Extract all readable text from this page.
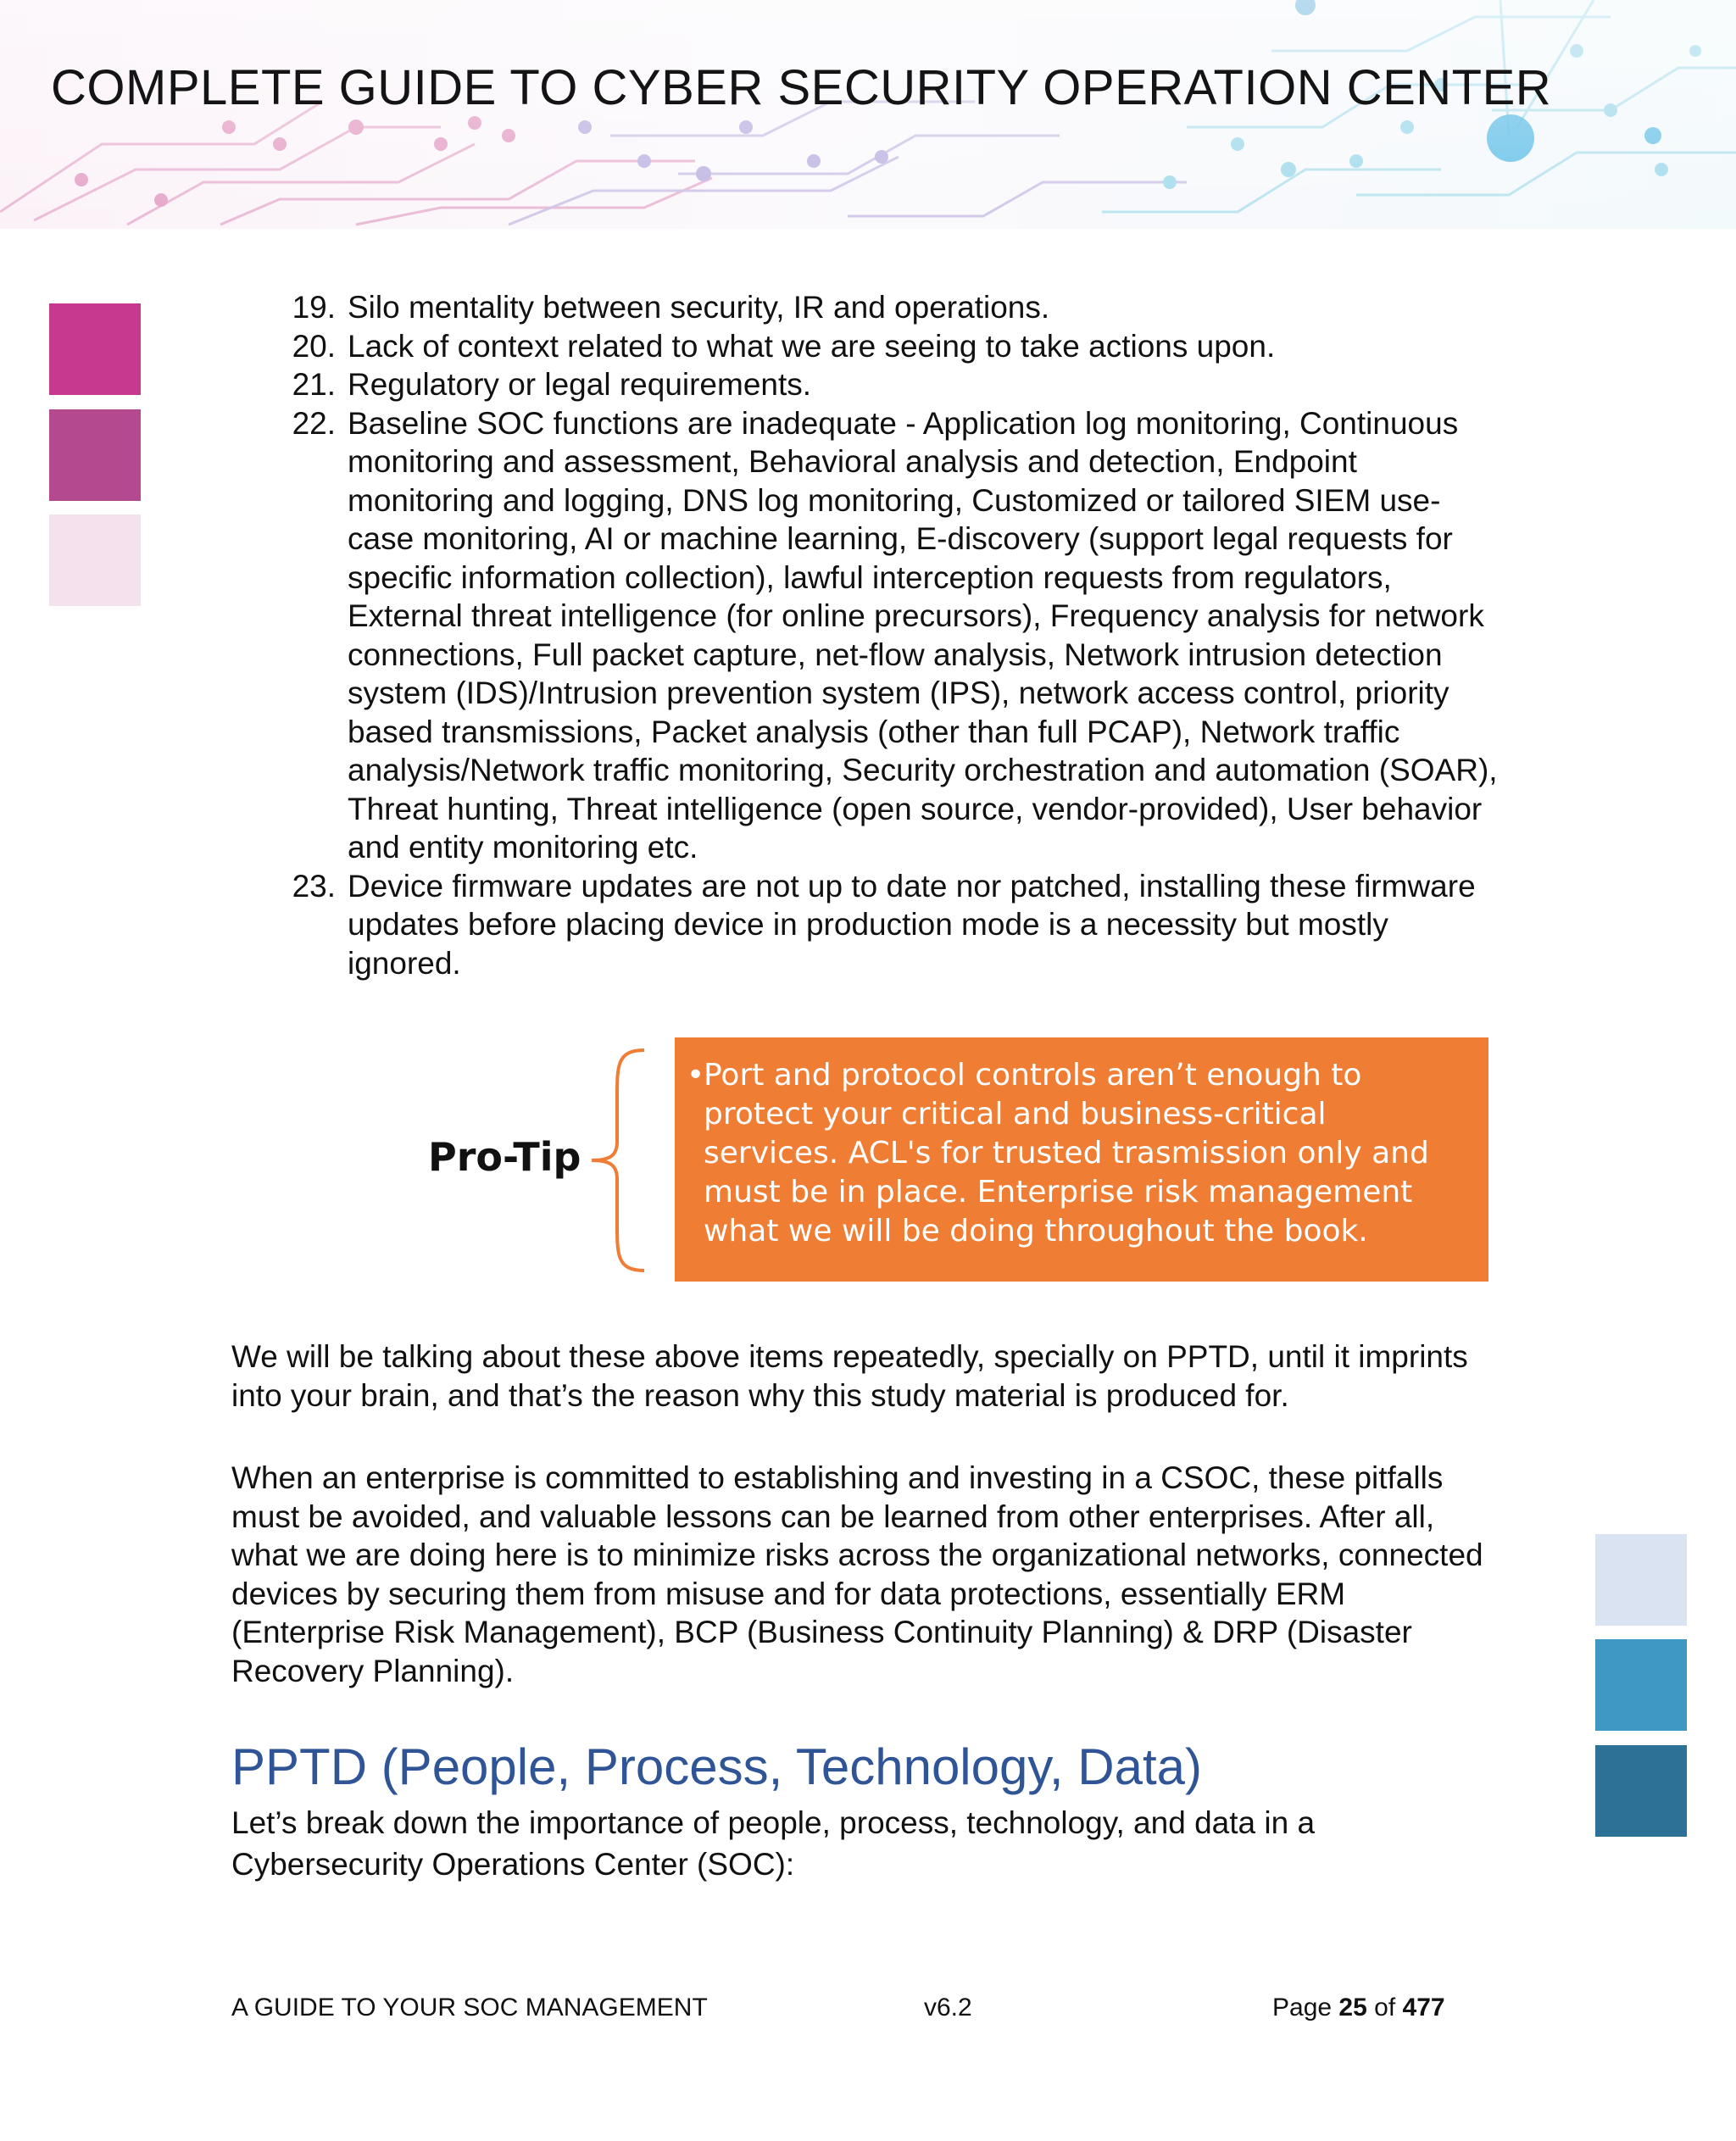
COMPLETE GUIDE TO CYBER SECURITY OPERATION CENTER
19. Silo mentality between security, IR and operations.
20. Lack of context related to what we are seeing to take actions upon.
21. Regulatory or legal requirements.
22. Baseline SOC functions are inadequate - Application log monitoring, Continuous monitoring and assessment, Behavioral analysis and detection, Endpoint monitoring and logging, DNS log monitoring, Customized or tailored SIEM use-case monitoring, AI or machine learning, E-discovery (support legal requests for specific information collection), lawful interception requests from regulators, External threat intelligence (for online precursors), Frequency analysis for network connections, Full packet capture, net-flow analysis, Network intrusion detection system (IDS)/Intrusion prevention system (IPS), network access control, priority based transmissions, Packet analysis (other than full PCAP), Network traffic analysis/Network traffic monitoring, Security orchestration and automation (SOAR), Threat hunting, Threat intelligence (open source, vendor-provided), User behavior and entity monitoring etc.
23. Device firmware updates are not up to date nor patched, installing these firmware updates before placing device in production mode is a necessity but mostly ignored.
Pro-Tip
•
Port and protocol controls aren’t enough to protect your critical and business-critical services. ACL's for trusted trasmission only and must be in place. Enterprise risk management what we will be doing throughout the book.

We will be talking about these above items repeatedly, specially on PPTD, until it imprints into your brain, and that’s the reason why this study material is produced for.

When an enterprise is committed to establishing and investing in a CSOC, these pitfalls must be avoided, and valuable lessons can be learned from other enterprises. After all, what we are doing here is to minimize risks across the organizational networks, connected devices by securing them from misuse and for data protections, essentially ERM (Enterprise Risk Management), BCP (Business Continuity Planning) & DRP (Disaster Recovery Planning).

PPTD (People, Process, Technology, Data)

Let’s break down the importance of people, process, technology, and data in a Cybersecurity Operations Center (SOC):

A GUIDE TO YOUR SOC MANAGEMENT	v6.2	Page 25 of 477
